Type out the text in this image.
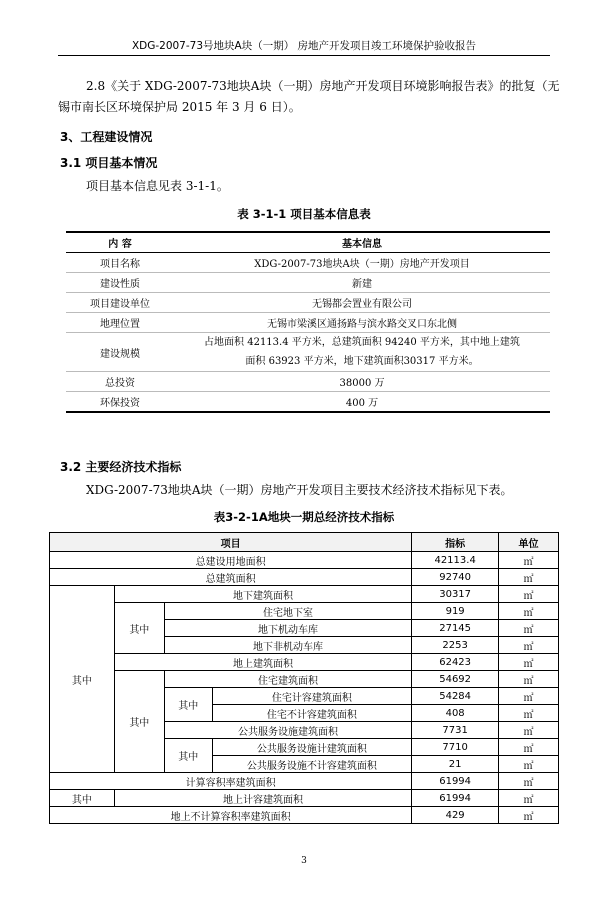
XDG-2007-73号地块A块（一期） 房地产开发项目竣工环境保护验收报告
2.8《关于 XDG-2007-73地块A块（一期）房地产开发项目环境影响报告表》的批复（无
锡市南长区环境保护局 2015 年 3 月 6 日）。
3、工程建设情况
3.1 项目基本情况
项目基本信息见表 3-1-1。
表 3-1-1 项目基本信息表
内 容	基本信息
项目名称	XDG-2007-73地块A块（一期）房地产开发项目
建设性质	新建
项目建设单位	无锡都会置业有限公司
地理位置	无锡市梁溪区通扬路与滨水路交叉口东北侧
建设规模	占地面积 42113.4 平方米，总建筑面积 94240 平方米，其中地上建筑面积 63923 平方米，地下建筑面积30317 平方米。
总投资	38000 万
环保投资	400 万
3.2 主要经济技术指标
XDG-2007-73地块A块（一期）房地产开发项目主要技术经济技术指标见下表。
表3-2-1A地块一期总经济技术指标
项目				指标	单位
总建设用地面积				42113.4	㎡
总建筑面积				92740	㎡
其中	地下建筑面积			30317	㎡
	其中	住宅地下室		919	㎡
		地下机动车库		27145	㎡
		地下非机动车库		2253	㎡
	地上建筑面积			62423	㎡
	其中	住宅建筑面积		54692	㎡
		其中	住宅计容建筑面积	54284	㎡
			住宅不计容建筑面积	408	㎡
		公共服务设施建筑面积		7731	㎡
		其中	公共服务设施计建筑面积	7710	㎡
			公共服务设施不计容建筑面积	21	㎡
计算容积率建筑面积				61994	㎡
其中	地上计容建筑面积			61994	㎡
地上不计算容积率建筑面积				429	㎡
3
